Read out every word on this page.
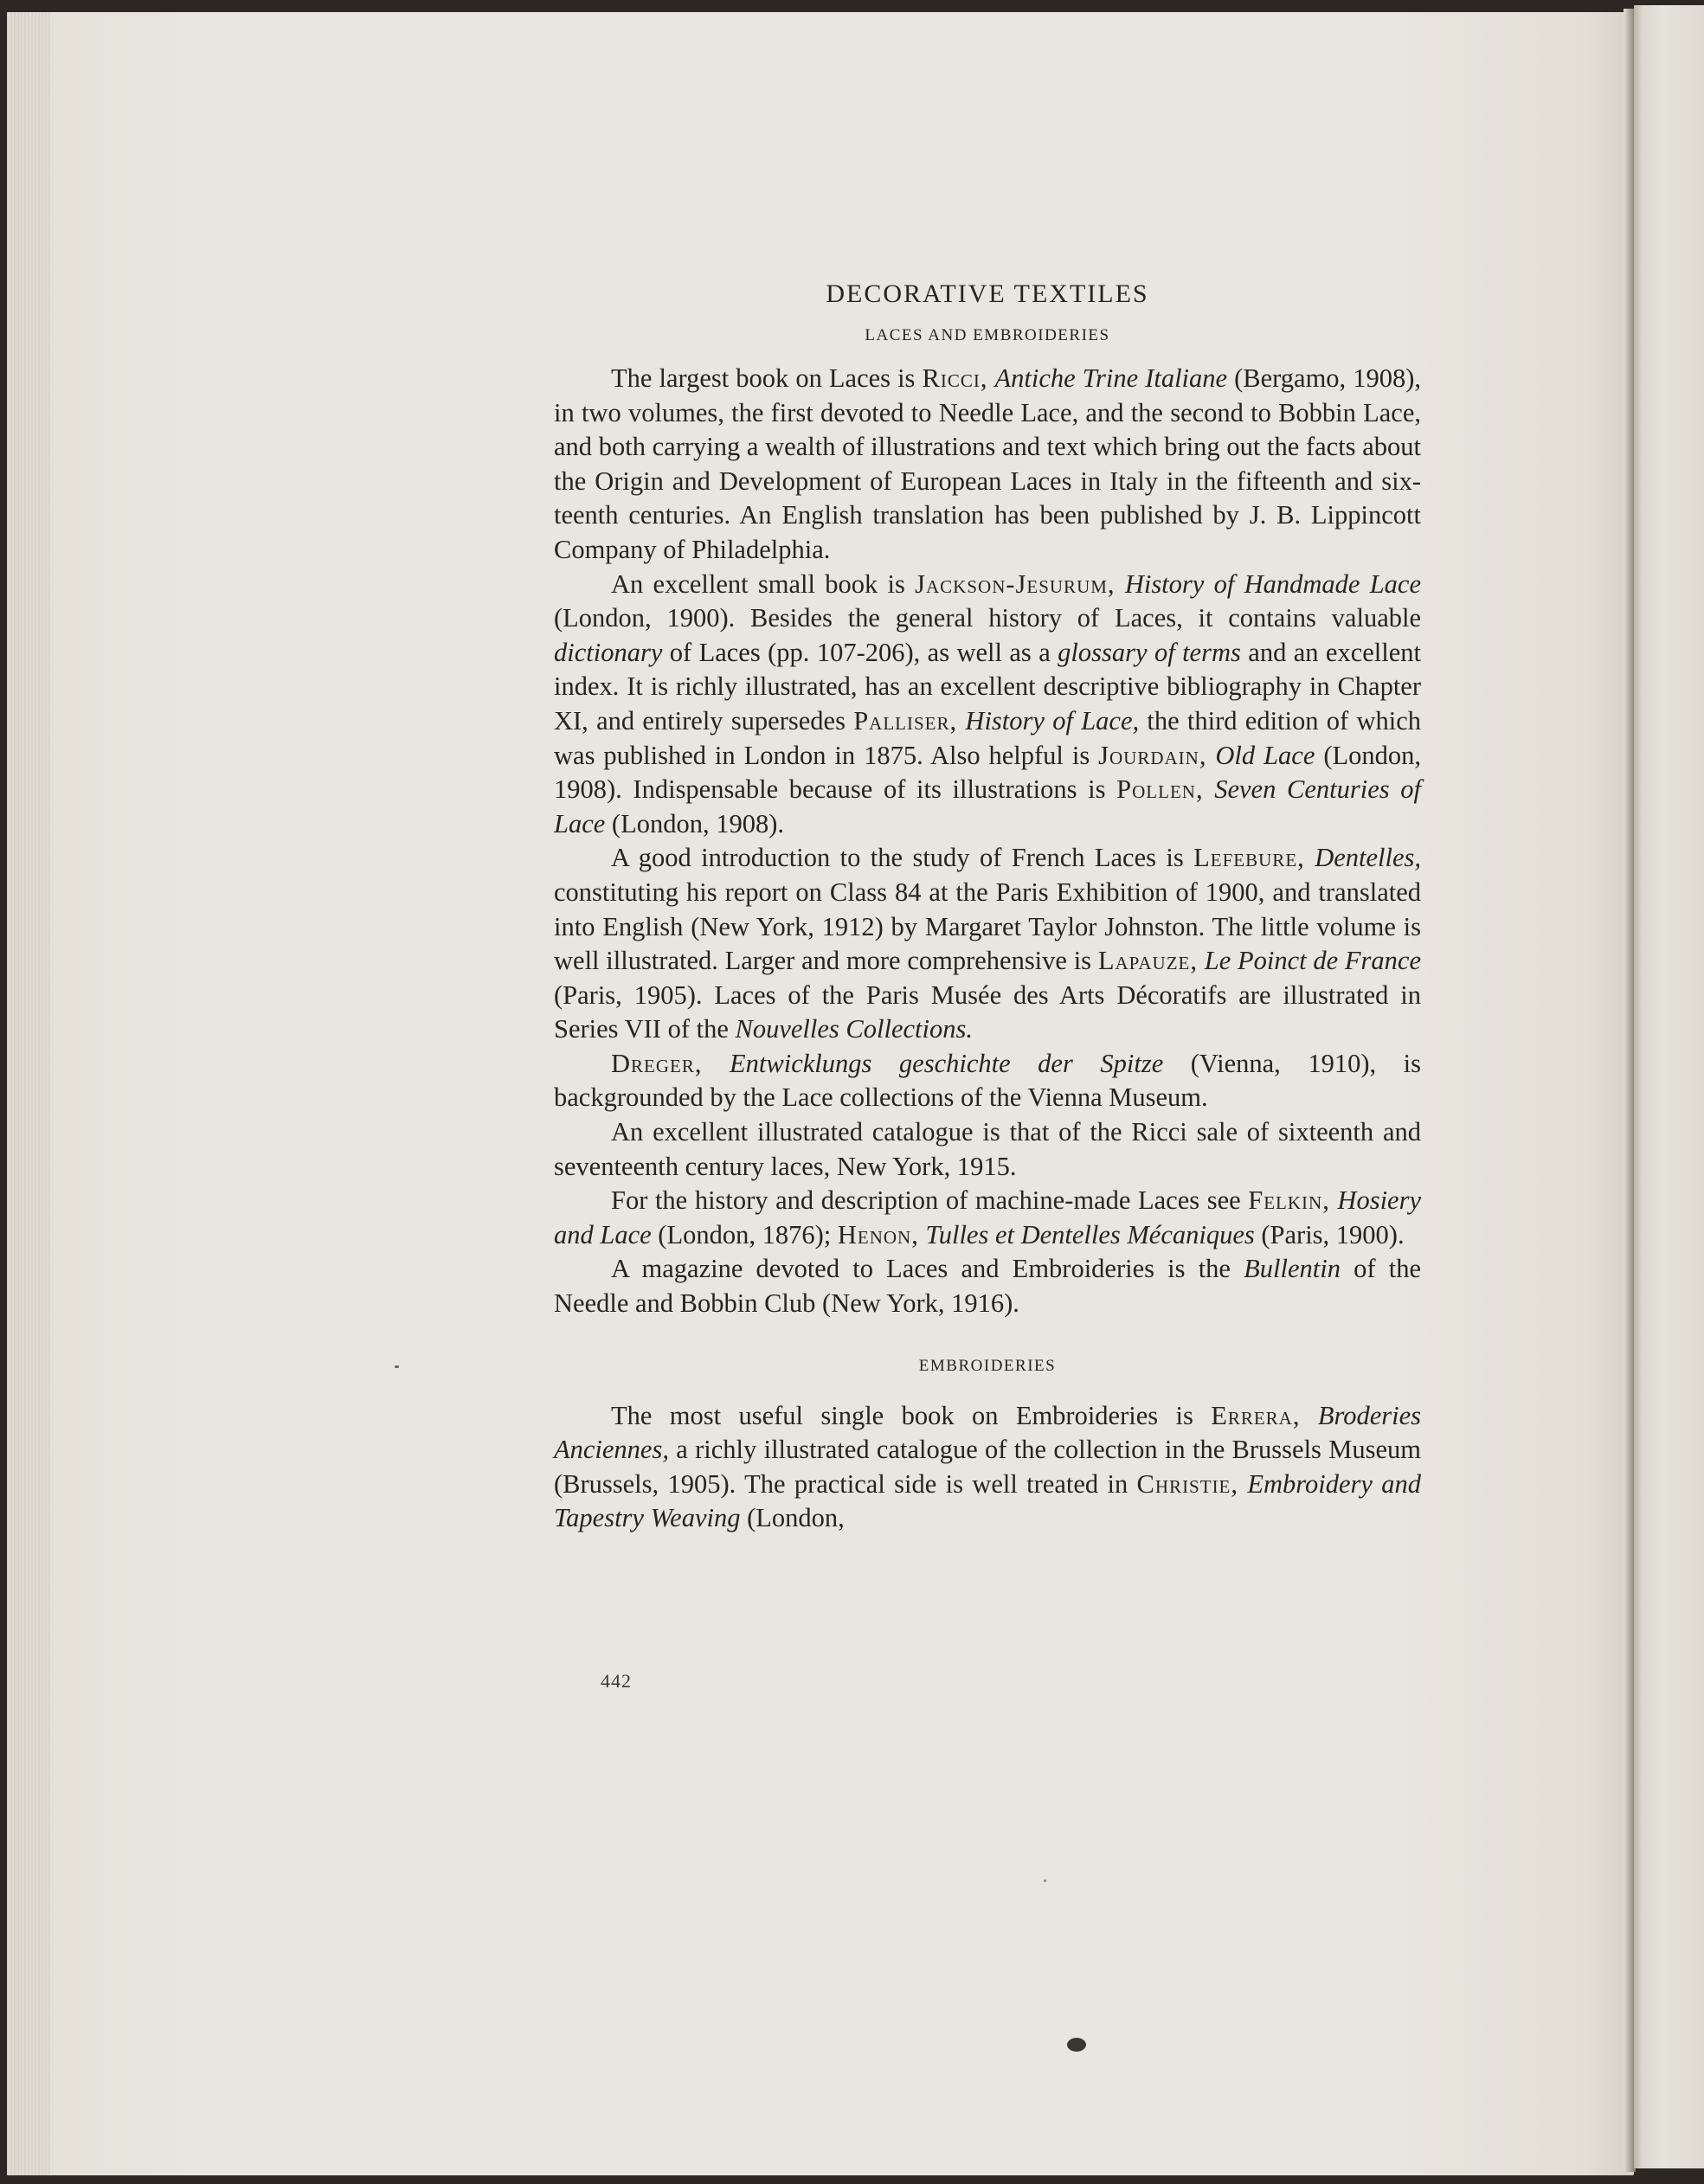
DECORATIVE TEXTILES
LACES AND EMBROIDERIES

The largest book on Laces is Ricci, Antiche Trine Italiane (Bergamo, 1908), in two volumes, the first devoted to Needle Lace, and the second to Bobbin Lace, and both carrying a wealth of illustrations and text which bring out the facts about the Origin and Development of European Laces in Italy in the fifteenth and sixteenth centuries. An English translation has been published by J. B. Lippincott Company of Philadelphia.

An excellent small book is Jackson-Jesurum, History of Handmade Lace (London, 1900). Besides the general history of Laces, it contains valuable dictionary of Laces (pp. 107-206), as well as a glossary of terms and an excellent index. It is richly illustrated, has an excellent descriptive bibliography in Chapter XI, and entirely supersedes Palliser, History of Lace, the third edition of which was published in London in 1875. Also helpful is Jourdain, Old Lace (London, 1908). Indispensable because of its illustrations is Pollen, Seven Centuries of Lace (London, 1908).

A good introduction to the study of French Laces is Lefebure, Dentelles, constituting his report on Class 84 at the Paris Exhibition of 1900, and translated into English (New York, 1912) by Margaret Taylor Johnston. The little volume is well illustrated. Larger and more comprehensive is Lapauze, Le Poinct de France (Paris, 1905). Laces of the Paris Musée des Arts Décoratifs are illustrated in Series VII of the Nouvelles Collections.

Dreger, Entwicklungs geschichte der Spitze (Vienna, 1910), is backgrounded by the Lace collections of the Vienna Museum.

An excellent illustrated catalogue is that of the Ricci sale of sixteenth and seventeenth century laces, New York, 1915.

For the history and description of machine-made Laces see Felkin, Hosiery and Lace (London, 1876); Henon, Tulles et Dentelles Mécaniques (Paris, 1900).

A magazine devoted to Laces and Embroideries is the Bullentin of the Needle and Bobbin Club (New York, 1916).

EMBROIDERIES

The most useful single book on Embroideries is Errera, Broderies Anciennes, a richly illustrated catalogue of the collection in the Brussels Museum (Brussels, 1905). The practical side is well treated in Christie, Embroidery and Tapestry Weaving (London,

442
